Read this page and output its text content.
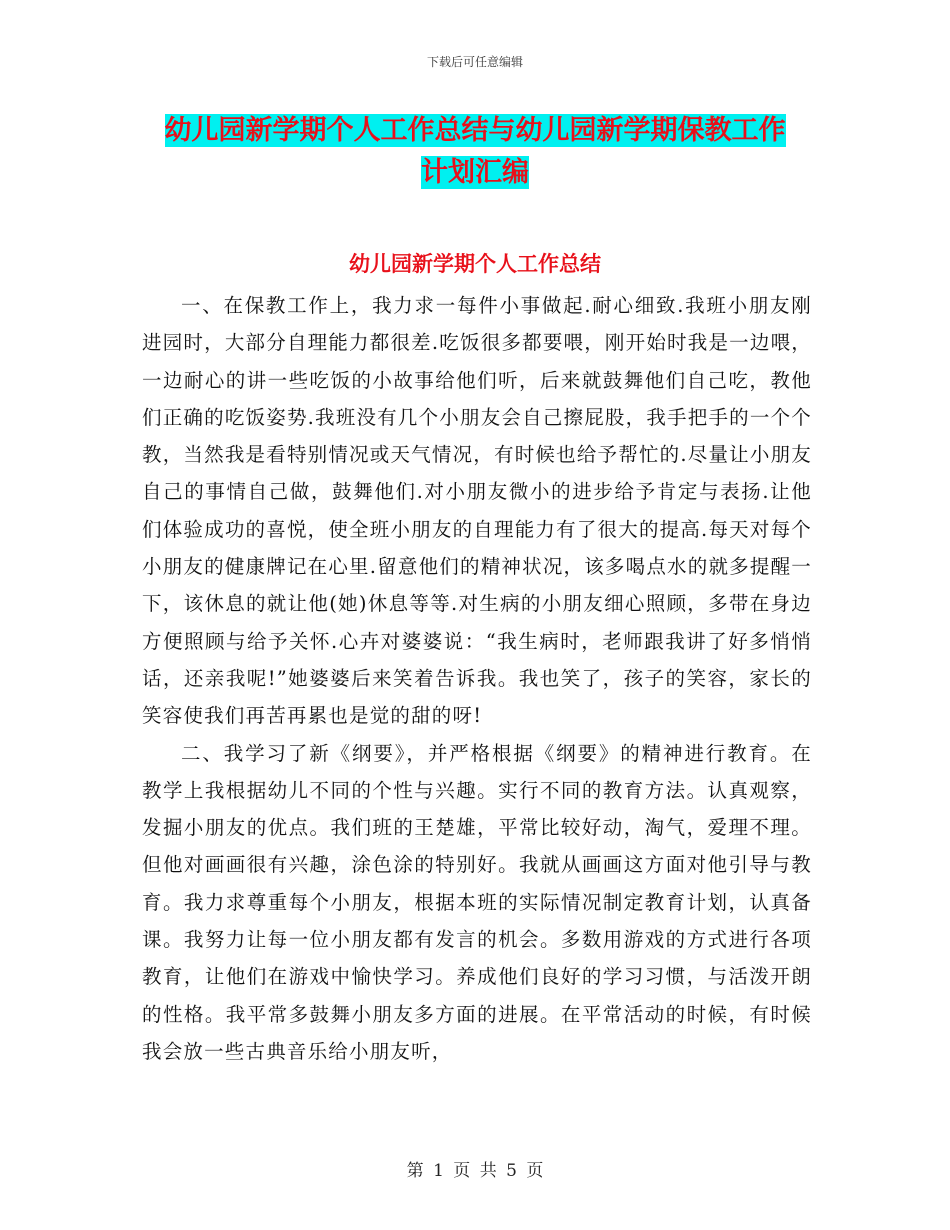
下载后可任意编辑
幼儿园新学期个人工作总结与幼儿园新学期保教工作
计划汇编
幼儿园新学期个人工作总结

一、在保教工作上，我力求一每件小事做起.耐心细致.我班小朋友刚进园时，大部分自理能力都很差.吃饭很多都要喂，刚开始时我是一边喂，一边耐心的讲一些吃饭的小故事给他们听，后来就鼓舞他们自己吃，教他们正确的吃饭姿势.我班没有几个小朋友会自己擦屁股，我手把手的一个个教，当然我是看特别情况或天气情况，有时候也给予帮忙的.尽量让小朋友自己的事情自己做，鼓舞他们.对小朋友微小的进步给予肯定与表扬.让他们体验成功的喜悦，使全班小朋友的自理能力有了很大的提高.每天对每个小朋友的健康牌记在心里.留意他们的精神状况，该多喝点水的就多提醒一下，该休息的就让他(她)休息等等.对生病的小朋友细心照顾，多带在身边方便照顾与给予关怀.心卉对婆婆说：“我生病时，老师跟我讲了好多悄悄话，还亲我呢!”她婆婆后来笑着告诉我。我也笑了，孩子的笑容，家长的笑容使我们再苦再累也是觉的甜的呀!

二、我学习了新《纲要》，并严格根据《纲要》的精神进行教育。在教学上我根据幼儿不同的个性与兴趣。实行不同的教育方法。认真观察，发掘小朋友的优点。我们班的王楚雄，平常比较好动，淘气，爱理不理。但他对画画很有兴趣，涂色涂的特别好。我就从画画这方面对他引导与教育。我力求尊重每个小朋友，根据本班的实际情况制定教育计划，认真备课。我努力让每一位小朋友都有发言的机会。多数用游戏的方式进行各项教育，让他们在游戏中愉快学习。养成他们良好的学习习惯，与活泼开朗的性格。我平常多鼓舞小朋友多方面的进展。在平常活动的时候，有时候我会放一些古典音乐给小朋友听，

第 1 页 共 5 页
